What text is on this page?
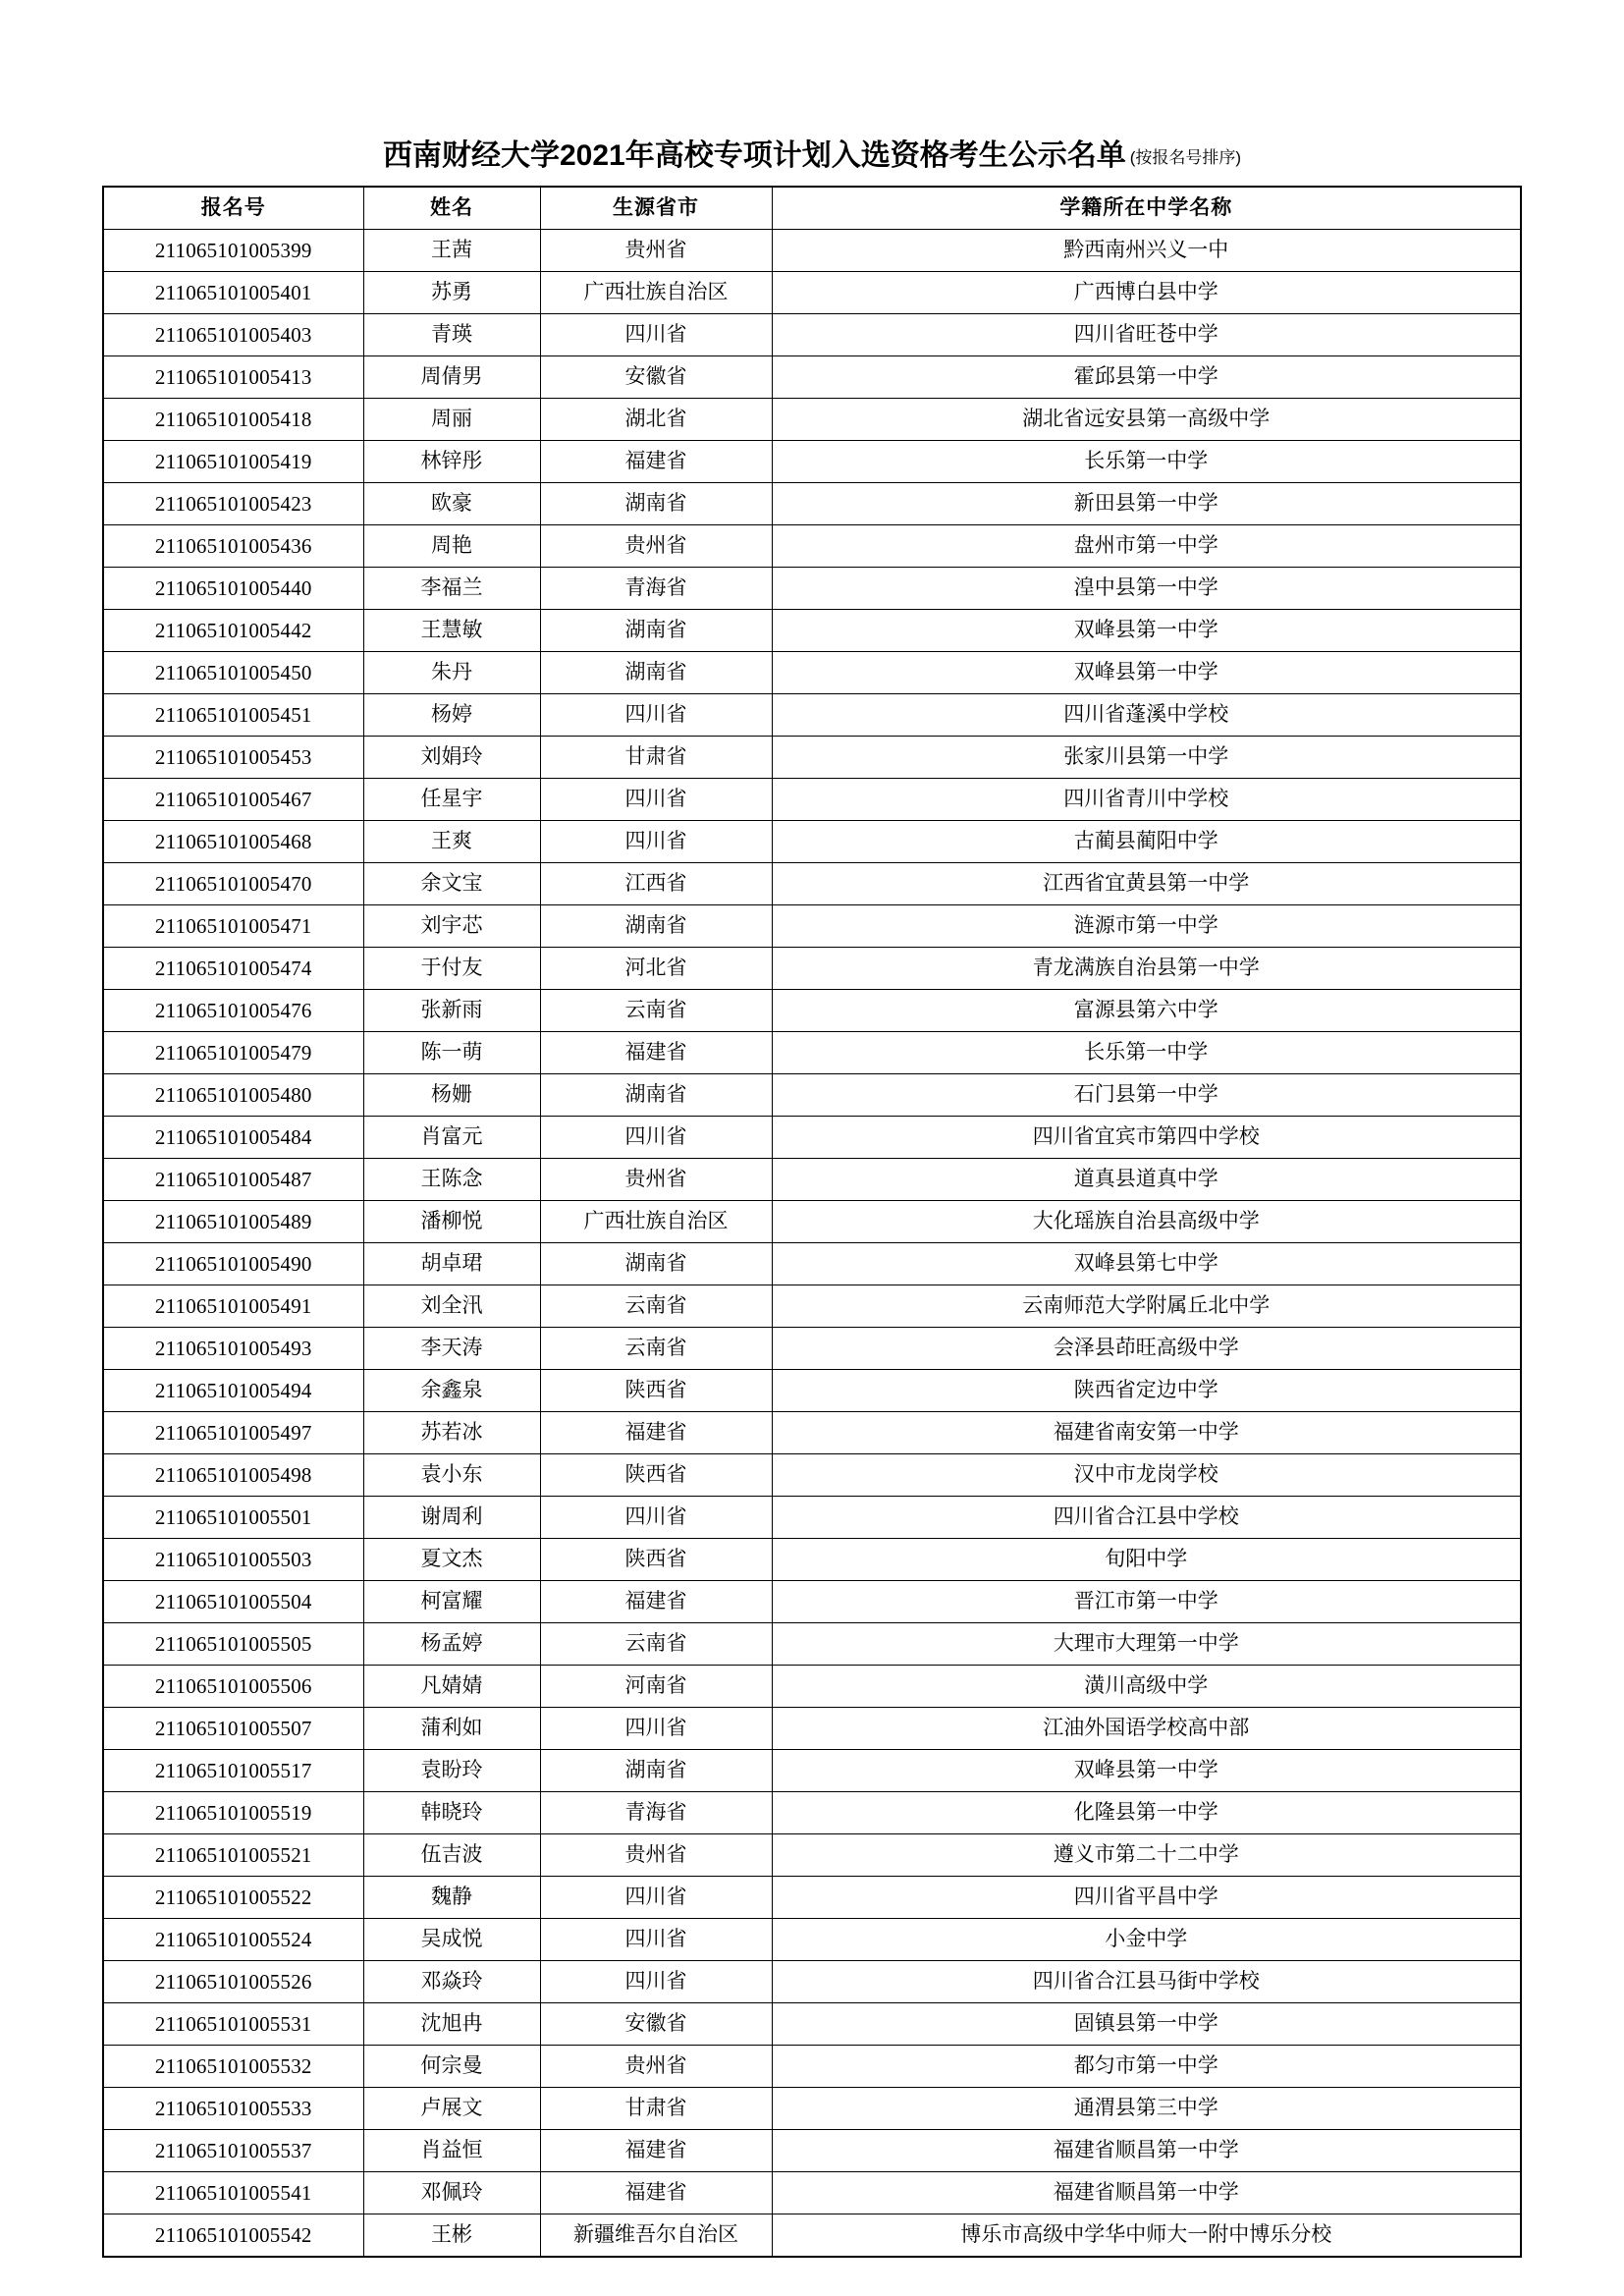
西南财经大学2021年高校专项计划入选资格考生公示名单 (按报名号排序)
报名号	姓名	生源省市	学籍所在中学名称
211065101005399	王茜	贵州省	黔西南州兴义一中
211065101005401	苏勇	广西壮族自治区	广西博白县中学
211065101005403	青瑛	四川省	四川省旺苍中学
211065101005413	周倩男	安徽省	霍邱县第一中学
211065101005418	周丽	湖北省	湖北省远安县第一高级中学
211065101005419	林锌彤	福建省	长乐第一中学
211065101005423	欧豪	湖南省	新田县第一中学
211065101005436	周艳	贵州省	盘州市第一中学
211065101005440	李福兰	青海省	湟中县第一中学
211065101005442	王慧敏	湖南省	双峰县第一中学
211065101005450	朱丹	湖南省	双峰县第一中学
211065101005451	杨婷	四川省	四川省蓬溪中学校
211065101005453	刘娟玲	甘肃省	张家川县第一中学
211065101005467	任星宇	四川省	四川省青川中学校
211065101005468	王爽	四川省	古蔺县蔺阳中学
211065101005470	余文宝	江西省	江西省宜黄县第一中学
211065101005471	刘宇芯	湖南省	涟源市第一中学
211065101005474	于付友	河北省	青龙满族自治县第一中学
211065101005476	张新雨	云南省	富源县第六中学
211065101005479	陈一萌	福建省	长乐第一中学
211065101005480	杨姗	湖南省	石门县第一中学
211065101005484	肖富元	四川省	四川省宜宾市第四中学校
211065101005487	王陈念	贵州省	道真县道真中学
211065101005489	潘柳悦	广西壮族自治区	大化瑶族自治县高级中学
211065101005490	胡卓珺	湖南省	双峰县第七中学
211065101005491	刘全汛	云南省	云南师范大学附属丘北中学
211065101005493	李天涛	云南省	会泽县茚旺高级中学
211065101005494	余鑫泉	陕西省	陕西省定边中学
211065101005497	苏若冰	福建省	福建省南安第一中学
211065101005498	袁小东	陕西省	汉中市龙岗学校
211065101005501	谢周利	四川省	四川省合江县中学校
211065101005503	夏文杰	陕西省	旬阳中学
211065101005504	柯富耀	福建省	晋江市第一中学
211065101005505	杨孟婷	云南省	大理市大理第一中学
211065101005506	凡婧婧	河南省	潢川高级中学
211065101005507	蒲利如	四川省	江油外国语学校高中部
211065101005517	袁盼玲	湖南省	双峰县第一中学
211065101005519	韩晓玲	青海省	化隆县第一中学
211065101005521	伍吉波	贵州省	遵义市第二十二中学
211065101005522	魏静	四川省	四川省平昌中学
211065101005524	吴成悦	四川省	小金中学
211065101005526	邓焱玲	四川省	四川省合江县马街中学校
211065101005531	沈旭冉	安徽省	固镇县第一中学
211065101005532	何宗曼	贵州省	都匀市第一中学
211065101005533	卢展文	甘肃省	通渭县第三中学
211065101005537	肖益恒	福建省	福建省顺昌第一中学
211065101005541	邓佩玲	福建省	福建省顺昌第一中学
211065101005542	王彬	新疆维吾尔自治区	博乐市高级中学华中师大一附中博乐分校
